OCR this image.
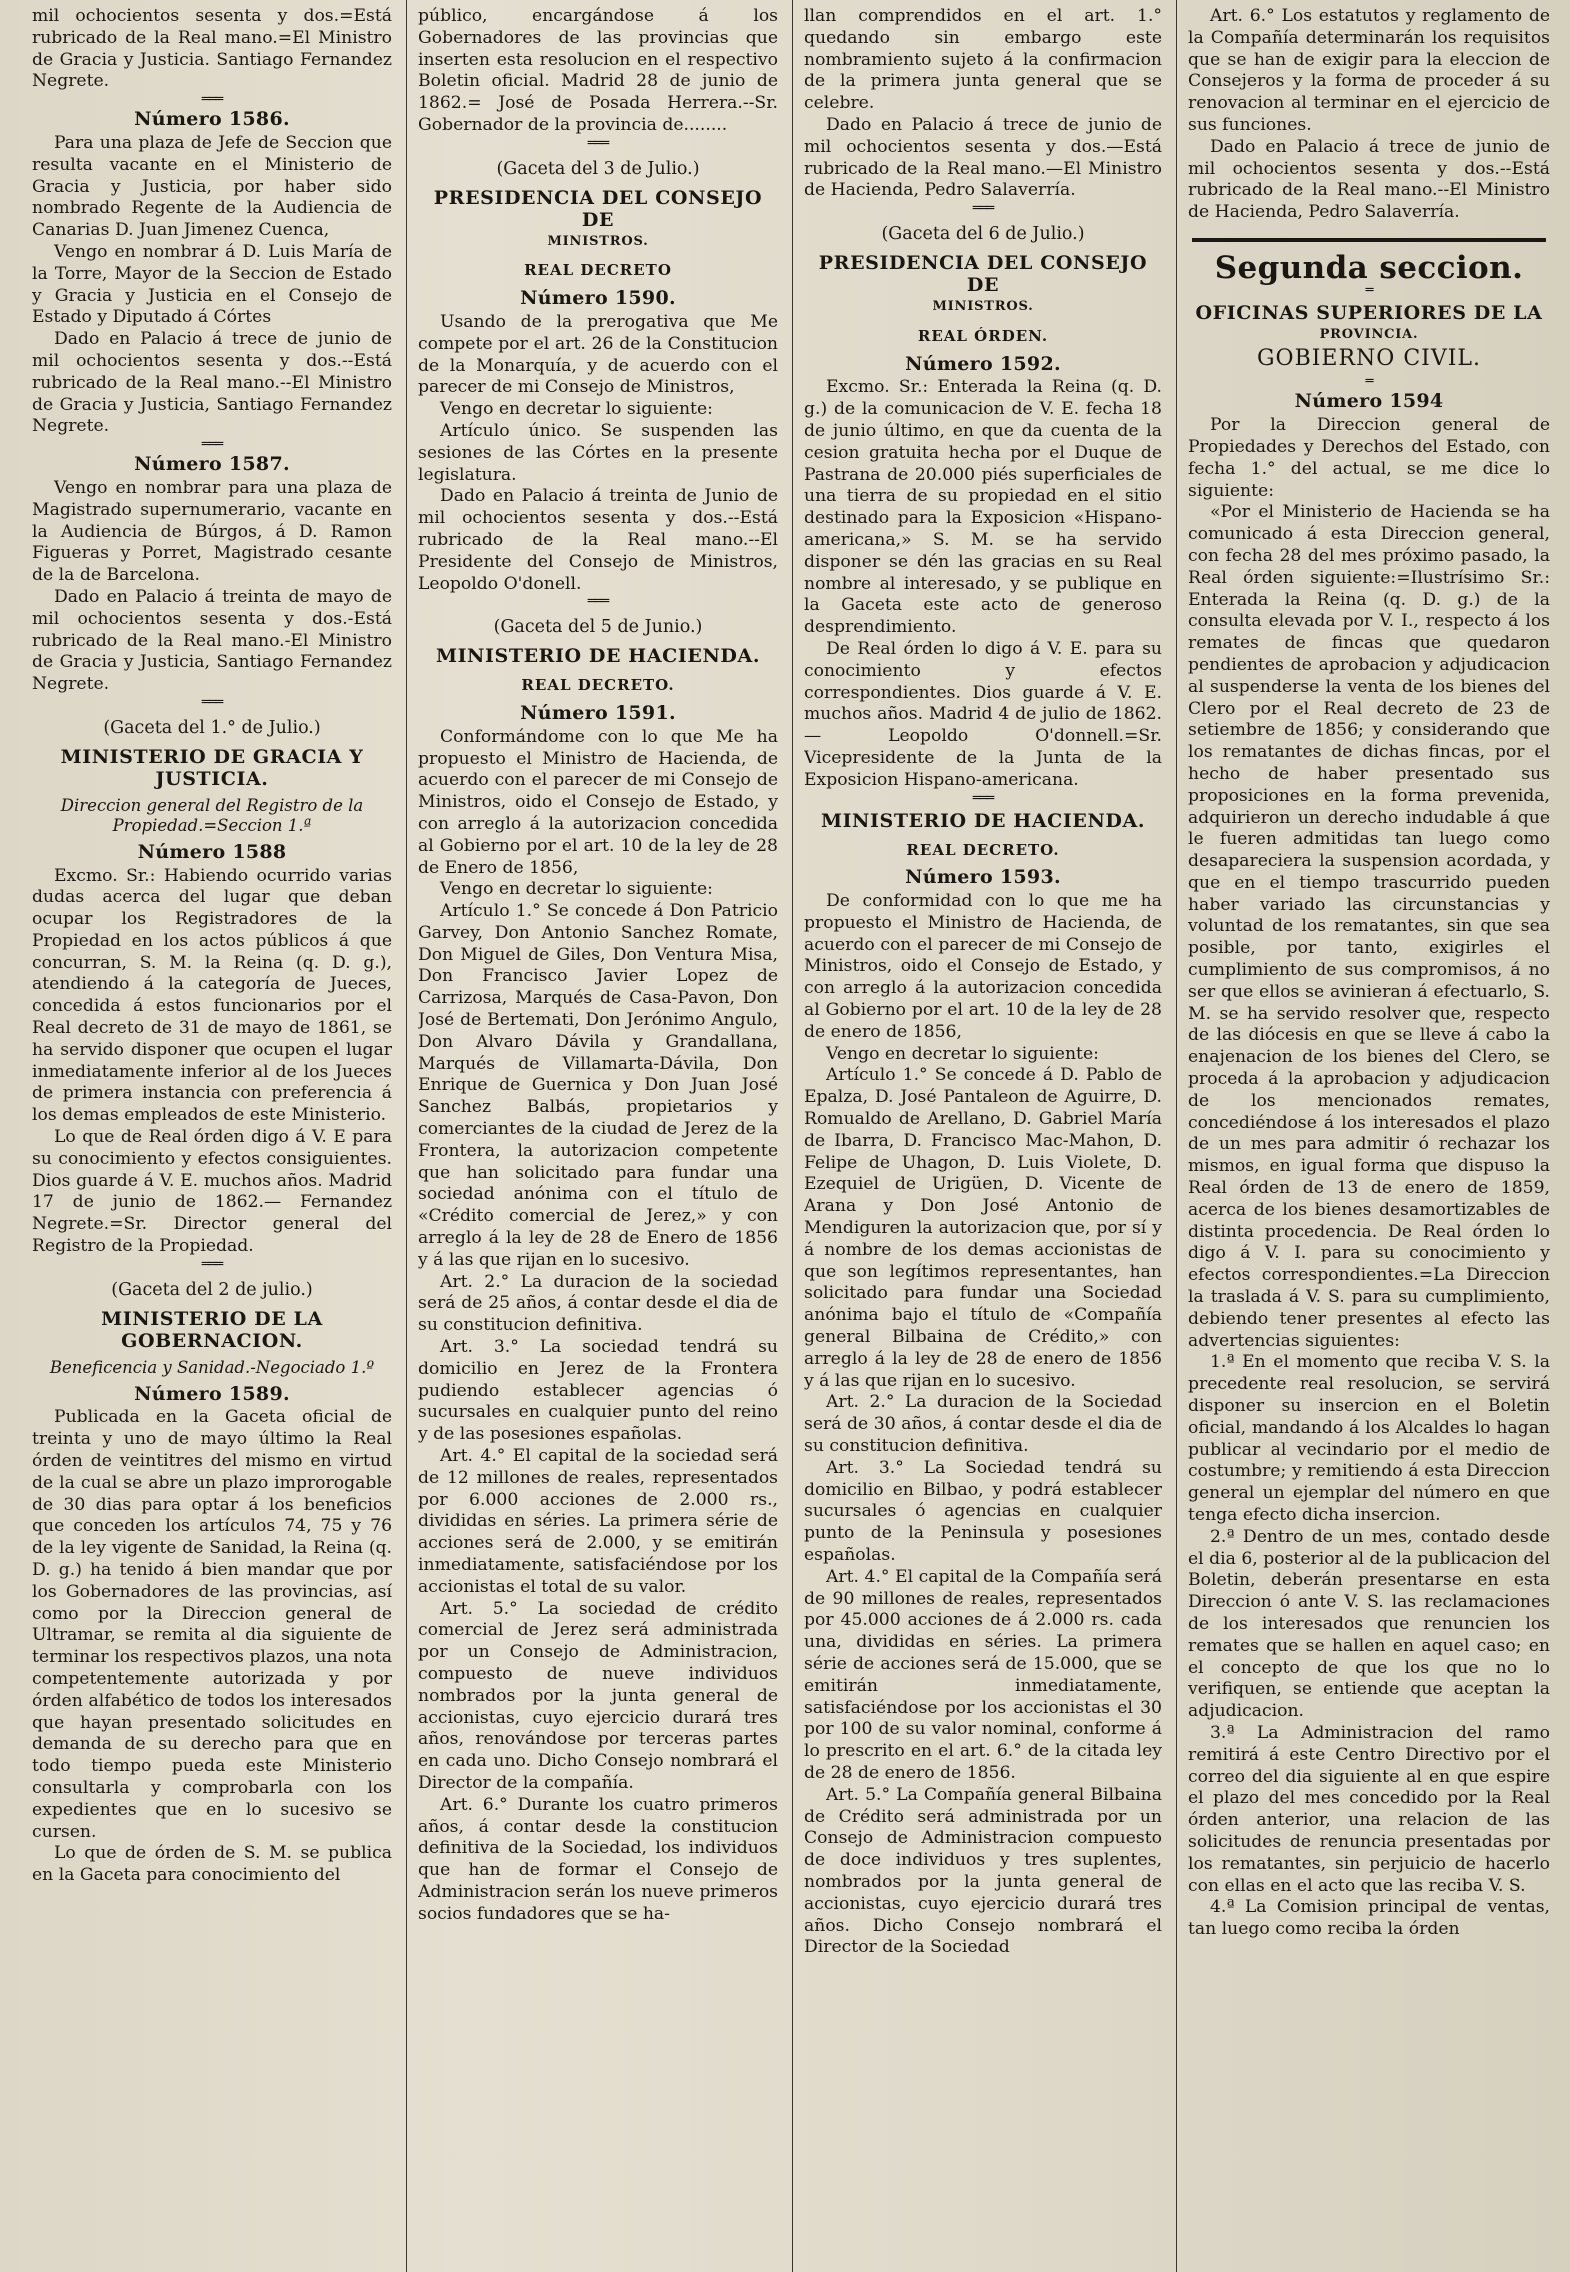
mil ochocientos sesenta y dos.=Está rubricado de la Real mano.=El Ministro de Gracia y Justicia. Santiago Fernandez Negrete.

═══
Número 1586.

Para una plaza de Jefe de Seccion que resulta vacante en el Ministerio de Gracia y Justicia, por haber sido nombrado Regente de la Audiencia de Canarias D. Juan Jimenez Cuenca,

Vengo en nombrar á D. Luis María de la Torre, Mayor de la Seccion de Estado y Gracia y Justicia en el Consejo de Estado y Diputado á Córtes

Dado en Palacio á trece de junio de mil ochocientos sesenta y dos.--Está rubricado de la Real mano.--El Ministro de Gracia y Justicia, Santiago Fernandez Negrete.

═══
Número 1587.

Vengo en nombrar para una plaza de Magistrado supernumerario, vacante en la Audiencia de Búrgos, á D. Ramon Figueras y Porret, Magistrado cesante de la de Barcelona.

Dado en Palacio á treinta de mayo de mil ochocientos sesenta y dos.-Está rubricado de la Real mano.-El Ministro de Gracia y Justicia, Santiago Fernandez Negrete.

═══
(Gaceta del 1.° de Julio.)
MINISTERIO DE GRACIA Y JUSTICIA.
Direccion general del Registro de la Propiedad.=Seccion 1.ª
Número 1588

Excmo. Sr.: Habiendo ocurrido varias dudas acerca del lugar que deban ocupar los Registradores de la Propiedad en los actos públicos á que concurran, S. M. la Reina (q. D. g.), atendiendo á la categoría de Jueces, concedida á estos funcionarios por el Real decreto de 31 de mayo de 1861, se ha servido disponer que ocupen el lugar inmediatamente inferior al de los Jueces de primera instancia con preferencia á los demas empleados de este Ministerio.

Lo que de Real órden digo á V. E para su conocimiento y efectos consiguientes. Dios guarde á V. E. muchos años. Madrid 17 de junio de 1862.— Fernandez Negrete.=Sr. Director general del Registro de la Propiedad.

═══
(Gaceta del 2 de julio.)
MINISTERIO DE LA GOBERNACION.
Beneficencia y Sanidad.-Negociado 1.º
Número 1589.

Publicada en la Gaceta oficial de treinta y uno de mayo último la Real órden de veintitres del mismo en virtud de la cual se abre un plazo improrogable de 30 dias para optar á los beneficios que conceden los artículos 74, 75 y 76 de la ley vigente de Sanidad, la Reina (q. D. g.) ha tenido á bien mandar que por los Gobernadores de las provincias, así como por la Direccion general de Ultramar, se remita al dia siguiente de terminar los respectivos plazos, una nota competentemente autorizada y por órden alfabético de todos los interesados que hayan presentado solicitudes en demanda de su derecho para que en todo tiempo pueda este Ministerio consultarla y comprobarla con los expedientes que en lo sucesivo se cursen.

Lo que de órden de S. M. se publica en la Gaceta para conocimiento del

público, encargándose á los Gobernadores de las provincias que inserten esta resolucion en el respectivo Boletin oficial. Madrid 28 de junio de 1862.= José de Posada Herrera.--Sr. Gobernador de la provincia de........

═══
(Gaceta del 3 de Julio.)
PRESIDENCIA DEL CONSEJO DE
MINISTROS.
REAL DECRETO
Número 1590.

Usando de la prerogativa que Me compete por el art. 26 de la Constitucion de la Monarquía, y de acuerdo con el parecer de mi Consejo de Ministros,

Vengo en decretar lo siguiente:

Artículo único. Se suspenden las sesiones de las Córtes en la presente legislatura.

Dado en Palacio á treinta de Junio de mil ochocientos sesenta y dos.--Está rubricado de la Real mano.--El Presidente del Consejo de Ministros, Leopoldo O'donell.

═══
(Gaceta del 5 de Junio.)
MINISTERIO DE HACIENDA.
REAL DECRETO.
Número 1591.

Conformándome con lo que Me ha propuesto el Ministro de Hacienda, de acuerdo con el parecer de mi Consejo de Ministros, oido el Consejo de Estado, y con arreglo á la autorizacion concedida al Gobierno por el art. 10 de la ley de 28 de Enero de 1856,

Vengo en decretar lo siguiente:

Artículo 1.° Se concede á Don Patricio Garvey, Don Antonio Sanchez Romate, Don Miguel de Giles, Don Ventura Misa, Don Francisco Javier Lopez de Carrizosa, Marqués de Casa-Pavon, Don José de Bertemati, Don Jerónimo Angulo, Don Alvaro Dávila y Grandallana, Marqués de Villamarta-Dávila, Don Enrique de Guernica y Don Juan José Sanchez Balbás, propietarios y comerciantes de la ciudad de Jerez de la Frontera, la autorizacion competente que han solicitado para fundar una sociedad anónima con el título de «Crédito comercial de Jerez,» y con arreglo á la ley de 28 de Enero de 1856 y á las que rijan en lo sucesivo.

Art. 2.° La duracion de la sociedad será de 25 años, á contar desde el dia de su constitucion definitiva.

Art. 3.° La sociedad tendrá su domicilio en Jerez de la Frontera pudiendo establecer agencias ó sucursales en cualquier punto del reino y de las posesiones españolas.

Art. 4.° El capital de la sociedad será de 12 millones de reales, representados por 6.000 acciones de 2.000 rs., divididas en séries. La primera série de acciones será de 2.000, y se emitirán inmediatamente, satisfaciéndose por los accionistas el total de su valor.

Art. 5.° La sociedad de crédito comercial de Jerez será administrada por un Consejo de Administracion, compuesto de nueve individuos nombrados por la junta general de accionistas, cuyo ejercicio durará tres años, renovándose por terceras partes en cada uno. Dicho Consejo nombrará el Director de la compañía.

Art. 6.° Durante los cuatro primeros años, á contar desde la constitucion definitiva de la Sociedad, los individuos que han de formar el Consejo de Administracion serán los nueve primeros socios fundadores que se ha-

llan comprendidos en el art. 1.° quedando sin embargo este nombramiento sujeto á la confirmacion de la primera junta general que se celebre.

Dado en Palacio á trece de junio de mil ochocientos sesenta y dos.—Está rubricado de la Real mano.—El Ministro de Hacienda, Pedro Salaverría.

═══
(Gaceta del 6 de Julio.)
PRESIDENCIA DEL CONSEJO DE
MINISTROS.
REAL ÓRDEN.
Número 1592.

Excmo. Sr.: Enterada la Reina (q. D. g.) de la comunicacion de V. E. fecha 18 de junio último, en que da cuenta de la cesion gratuita hecha por el Duque de Pastrana de 20.000 piés superficiales de una tierra de su propiedad en el sitio destinado para la Exposicion «Hispano-americana,» S. M. se ha servido disponer se dén las gracias en su Real nombre al interesado, y se publique en la Gaceta este acto de generoso desprendimiento.

De Real órden lo digo á V. E. para su conocimiento y efectos correspondientes. Dios guarde á V. E. muchos años. Madrid 4 de julio de 1862.— Leopoldo O'donnell.=Sr. Vicepresidente de la Junta de la Exposicion Hispano-americana.

═══
MINISTERIO DE HACIENDA.
REAL DECRETO.
Número 1593.

De conformidad con lo que me ha propuesto el Ministro de Hacienda, de acuerdo con el parecer de mi Consejo de Ministros, oido el Consejo de Estado, y con arreglo á la autorizacion concedida al Gobierno por el art. 10 de la ley de 28 de enero de 1856,

Vengo en decretar lo siguiente:

Artículo 1.° Se concede á D. Pablo de Epalza, D. José Pantaleon de Aguirre, D. Romualdo de Arellano, D. Gabriel María de Ibarra, D. Francisco Mac-Mahon, D. Felipe de Uhagon, D. Luis Violete, D. Ezequiel de Urigüen, D. Vicente de Arana y Don José Antonio de Mendiguren la autorizacion que, por sí y á nombre de los demas accionistas de que son legítimos representantes, han solicitado para fundar una Sociedad anónima bajo el título de «Compañía general Bilbaina de Crédito,» con arreglo á la ley de 28 de enero de 1856 y á las que rijan en lo sucesivo.

Art. 2.° La duracion de la Sociedad será de 30 años, á contar desde el dia de su constitucion definitiva.

Art. 3.° La Sociedad tendrá su domicilio en Bilbao, y podrá establecer sucursales ó agencias en cualquier punto de la Peninsula y posesiones españolas.

Art. 4.° El capital de la Compañía será de 90 millones de reales, representados por 45.000 acciones de á 2.000 rs. cada una, divididas en séries. La primera série de acciones será de 15.000, que se emitirán inmediatamente, satisfaciéndose por los accionistas el 30 por 100 de su valor nominal, conforme á lo prescrito en el art. 6.° de la citada ley de 28 de enero de 1856.

Art. 5.° La Compañía general Bilbaina de Crédito será administrada por un Consejo de Administracion compuesto de doce individuos y tres suplentes, nombrados por la junta general de accionistas, cuyo ejercicio durará tres años. Dicho Consejo nombrará el Director de la Sociedad

Art. 6.° Los estatutos y reglamento de la Compañía determinarán los requisitos que se han de exigir para la eleccion de Consejeros y la forma de proceder á su renovacion al terminar en el ejercicio de sus funciones.

Dado en Palacio á trece de junio de mil ochocientos sesenta y dos.--Está rubricado de la Real mano.--El Ministro de Hacienda, Pedro Salaverría.

Segunda seccion.
═
OFICINAS SUPERIORES DE LA
PROVINCIA.
GOBIERNO CIVIL.
═
Número 1594

Por la Direccion general de Propiedades y Derechos del Estado, con fecha 1.° del actual, se me dice lo siguiente:

«Por el Ministerio de Hacienda se ha comunicado á esta Direccion general, con fecha 28 del mes próximo pasado, la Real órden siguiente:=Ilustrísimo Sr.: Enterada la Reina (q. D. g.) de la consulta elevada por V. I., respecto á los remates de fincas que quedaron pendientes de aprobacion y adjudicacion al suspenderse la venta de los bienes del Clero por el Real decreto de 23 de setiembre de 1856; y considerando que los rematantes de dichas fincas, por el hecho de haber presentado sus proposiciones en la forma prevenida, adquirieron un derecho indudable á que le fueren admitidas tan luego como desapareciera la suspension acordada, y que en el tiempo trascurrido pueden haber variado las circunstancias y voluntad de los rematantes, sin que sea posible, por tanto, exigirles el cumplimiento de sus compromisos, á no ser que ellos se avinieran á efectuarlo, S. M. se ha servido resolver que, respecto de las diócesis en que se lleve á cabo la enajenacion de los bienes del Clero, se proceda á la aprobacion y adjudicacion de los mencionados remates, concediéndose á los interesados el plazo de un mes para admitir ó rechazar los mismos, en igual forma que dispuso la Real órden de 13 de enero de 1859, acerca de los bienes desamortizables de distinta procedencia. De Real órden lo digo á V. I. para su conocimiento y efectos correspondientes.=La Direccion la traslada á V. S. para su cumplimiento, debiendo tener presentes al efecto las advertencias siguientes:

1.ª En el momento que reciba V. S. la precedente real resolucion, se servirá disponer su insercion en el Boletin oficial, mandando á los Alcaldes lo hagan publicar al vecindario por el medio de costumbre; y remitiendo á esta Direccion general un ejemplar del número en que tenga efecto dicha insercion.

2.ª Dentro de un mes, contado desde el dia 6, posterior al de la publicacion del Boletin, deberán presentarse en esta Direccion ó ante V. S. las reclamaciones de los interesados que renuncien los remates que se hallen en aquel caso; en el concepto de que los que no lo verifiquen, se entiende que aceptan la adjudicacion.

3.ª La Administracion del ramo remitirá á este Centro Directivo por el correo del dia siguiente al en que espire el plazo del mes concedido por la Real órden anterior, una relacion de las solicitudes de renuncia presentadas por los rematantes, sin perjuicio de hacerlo con ellas en el acto que las reciba V. S.

4.ª La Comision principal de ventas, tan luego como reciba la órden
